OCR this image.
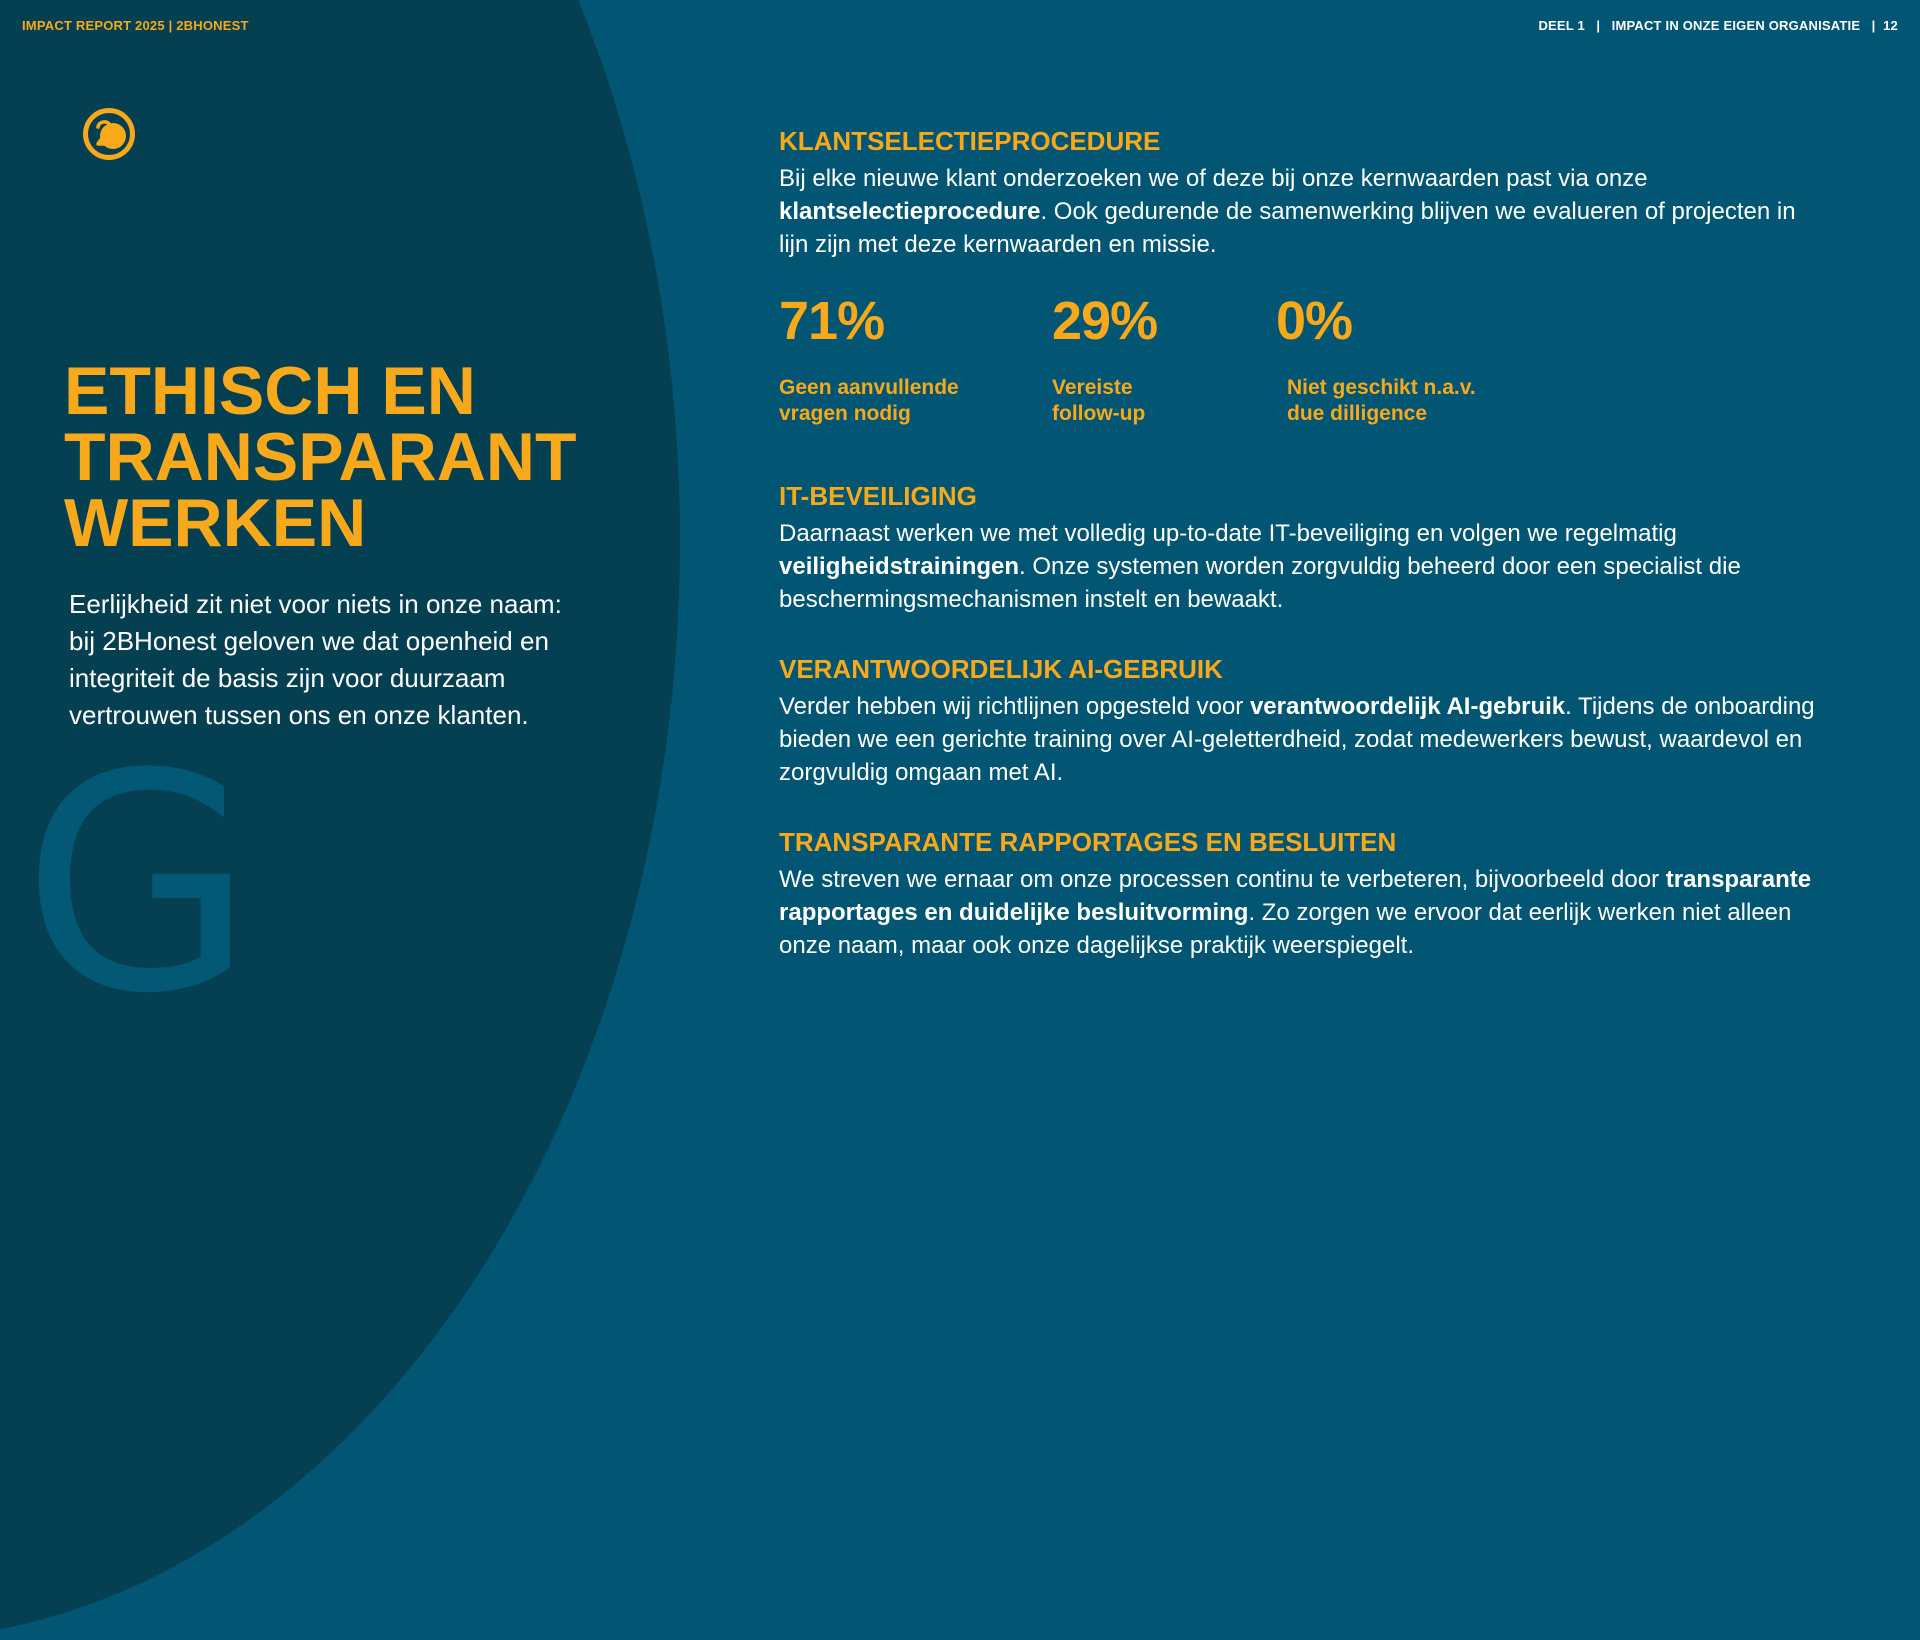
G
IMPACT REPORT 2025 | 2BHONEST	DEEL 1   |   IMPACT IN ONZE EIGEN ORGANISATIE   |  12
ETHISCH EN
TRANSPARANT
WERKEN

Eerlijkheid zit niet voor niets in onze naam: bij 2BHonest geloven we dat openheid en integriteit de basis zijn voor duurzaam vertrouwen tussen ons en onze klanten.

KLANTSELECTIEPROCEDURE

Bij elke nieuwe klant onderzoeken we of deze bij onze kernwaarden past via onze klantselectieprocedure. Ook gedurende de samenwerking blijven we evalueren of projecten in lijn zijn met deze kernwaarden en missie.

71%
Geen aanvullende
vragen nodig
29%
Vereiste
follow-up
0%
Niet geschikt n.a.v.
due dilligence
IT-BEVEILIGING

Daarnaast werken we met volledig up-to-date IT-beveiliging en volgen we regelmatig veiligheidstrainingen. Onze systemen worden zorgvuldig beheerd door een specialist die beschermingsmechanismen instelt en bewaakt.

VERANTWOORDELIJK AI-GEBRUIK

Verder hebben wij richtlijnen opgesteld voor verantwoordelijk AI-gebruik. Tijdens de onboarding bieden we een gerichte training over AI-geletterdheid, zodat medewerkers bewust, waardevol en zorgvuldig omgaan met AI.

TRANSPARANTE RAPPORTAGES EN BESLUITEN

We streven we ernaar om onze processen continu te verbeteren, bijvoorbeeld door transparante rapportages en duidelijke besluitvorming. Zo zorgen we ervoor dat eerlijk werken niet alleen onze naam, maar ook onze dagelijkse praktijk weerspiegelt.
